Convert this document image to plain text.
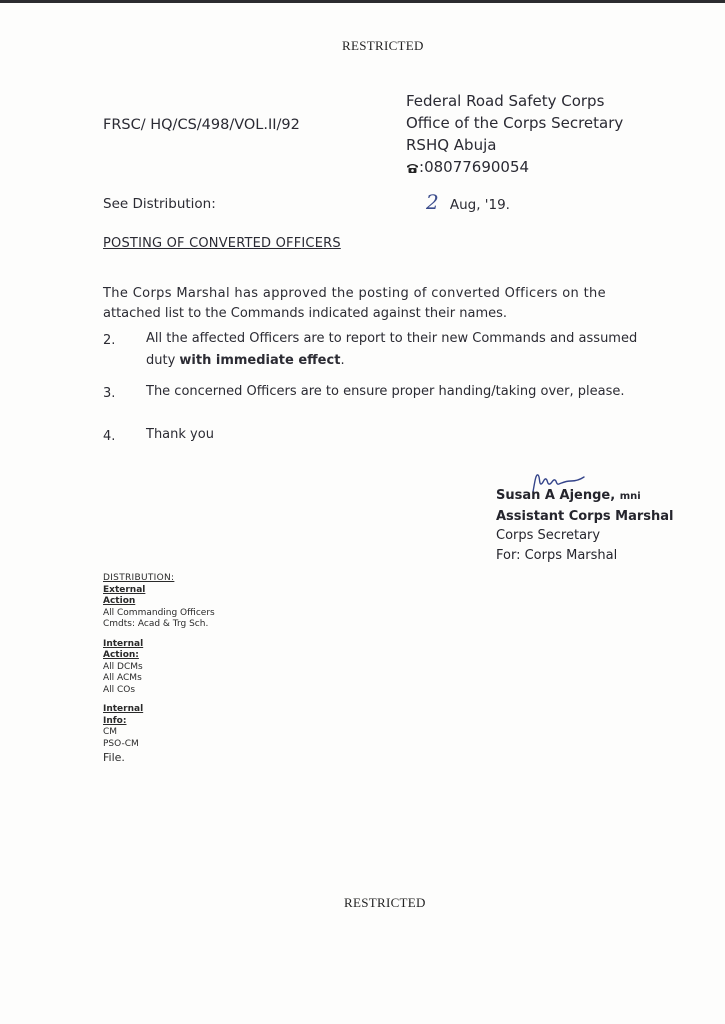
RESTRICTED
FRSC/ HQ/CS/498/VOL.II/92
Federal Road Safety Corps
Office of the Corps Secretary
RSHQ Abuja
:08077690054
See Distribution:	2 Aug, '19.
POSTING OF CONVERTED OFFICERS
The Corps Marshal has approved the posting of converted Officers on the
attached list to the Commands indicated against their names.
2. All the affected Officers are to report to their new Commands and assumed
duty with immediate effect.
3. The concerned Officers are to ensure proper handing/taking over, please.
4. Thank you
Susan A Ajenge, mni
Assistant Corps Marshal
Corps Secretary
For: Corps Marshal
DISTRIBUTION:
External
Action
All Commanding Officers
Cmdts: Acad & Trg Sch.
Internal
Action:
All DCMs
All ACMs
All COs
Internal
Info:
CM
PSO-CM
File.
RESTRICTED
